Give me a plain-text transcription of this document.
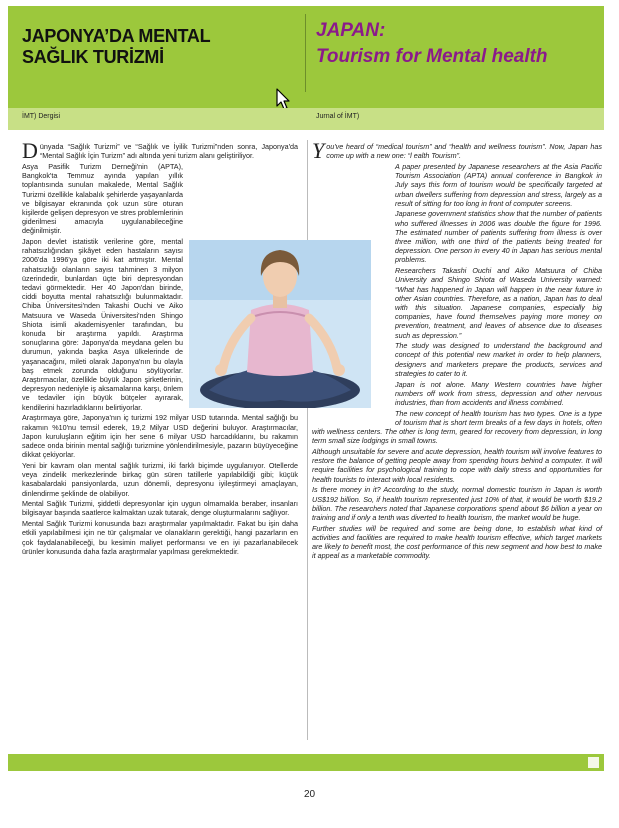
JAPONYA’DA MENTAL
SAĞLIK TURİZMİ
JAPAN:
Tourism for Mental health
İMT) Dergisi	Jurnal of İMT)

Dünyada “Sağlık Turizmi” ve “Sağlık ve İyilik Turizmi”nden sonra, Japonya'da “Mental Sağlık İçin Turizm” adı altında yeni turizm alanı geliştiriliyor.

Asya Pasifik Turizm Derneği'nin (APTA), Bangkok'ta Temmuz ayında yapılan yıllık toplantısında sunulan makalede, Mental Sağlık Turizmi özellikle kalabalık şehirlerde yaşayanlarda ve bilgisayar ekranında çok uzun süre oturan kişilerde gelişen depresyon ve stres problemlerinin giderilmesi amacıyla uygulanabileceğine değinilmiştir.

Japon devlet istatistik verilerine göre, mental rahatsızlığından şikâyet eden hastaların sayısı 2006'da 1996'ya göre iki kat artmıştır. Mental rahatsızlığı olanların sayısı tahminen 3 milyon üzerindedir, bunlardan üçte biri depresyondan tedavi görmektedir. Her 40 Japon'dan birinde, ciddi boyutta mental rahatsızlığı bulunmaktadır. Chiba Üniversitesi'nden Takashi Ouchi ve Aiko Matsuura ve Waseda Üniversitesi'nden Shingo Shiota isimli akademisyenler tarafından, bu konuda bir araştırma yapıldı. Araştırma sonuçlarına göre: Japonya'da meydana gelen bu durumun, yakında başka Asya ülkelerinde de yaşanacağını, mileti olarak Japonya'nın bu olayla baş etmek zorunda olduğunu söylüyorlar. Araştırmacılar, özellikle büyük Japon şirketlerinin, depresyon nedeniyle iş aksamalarına karşı, önlem ve tedaviler için büyük bütçeler ayırarak, kendilerini hazırladıklarını belirtiyorlar.

Araştırmaya göre, Japonya'nın iç turizmi 192 milyar USD tutarında. Mental sağlığı bu rakamın %10'nu temsil ederek, 19,2 Milyar USD değerini buluyor. Araştırmacılar, Japon kuruluşların eğitim için her sene 6 milyar USD harcadıklarını, bu rakamın sadece onda birinin mental sağlığı turizmine yönlendirilmesiyle, pazarın büyüyeceğine dikkat çekiyorlar.

Yeni bir kavram olan mental sağlık turizmi, iki farklı biçimde uygulanıyor. Otellerde veya zindelik merkezlerinde birkaç gün süren tatillerle yapılabildiği gibi; küçük kasabalardaki pansiyonlarda, uzun dönemli, depresyonu iyileştirmeyi amaçlayan, dinlendirme şeklinde de olabiliyor.

Mental Sağlık Turizmi, şiddetli depresyonlar için uygun olmamakla beraber, insanları bilgisayar başında saatlerce kalmaktan uzak tutarak, denge oluşturmalarını sağlıyor.

Mental Sağlık Turizmi konusunda bazı araştırmalar yapılmaktadır. Fakat bu işin daha etkili yapılabilmesi için ne tür çalışmalar ve olanakların gerektiği, hangi pazarların en çok faydalanabileceği, bu kesimin maliyet performansı ve en iyi pazarlanabilecek ürünler konusunda daha fazla araştırmalar yapılması gerekmektedir.

You've heard of “medical tourism” and “health and wellness tourism”. Now, Japan has come up with a new one: “l ealth Tourism”.

A paper presented by Japanese researchers at the Asia Pacific Tourism Association (APTA) annual conference in Bangkok in July says this form of tourism would be specifically targeted at urban dwellers suffering from depression and stress, largely as a result of sitting for too long in front of computer screens.

Japanese government statistics show that the number of patients who suffered illnesses in 2006 was double the figure for 1996. The estimated number of patients suffering from illness is over three million, with one third of the patients being treated for depression. One person in every 40 in Japan has serious mental problems.

Researchers Takashi Ouchi and Aiko Matsuura of Chiba University and Shingo Shiota of Waseda University warned: “What has happened in Japan will happen in the near future in other Asian countries. Therefore, as a nation, Japan has to deal with this situation. Japanese companies, especially big companies, have found themselves paying more money on prevention, treatment, and leaves of absence due to diseases such as depression.”

The study was designed to understand the background and concept of this potential new market in order to help planners, designers and marketers prepare the products, services and strategies to cater to it.

Japan is not alone. Many Western countries have higher numbers off work from stress, depression and other nervous industries, than from accidents and illness combined.

The new concept of health tourism has two types. One is a type of tourism that is short term breaks of a few days in hotels, often with wellness centers. The other is long term, geared for recovery from depression, in long term small size lodgings in small towns.

Although unsuitable for severe and acute depression, health tourism will involve features to restore the balance of getting people away from spending hours behind a computer. It will require facilities for psychological training to cope with daily stress and opportunities for health tourists to interact with local residents.

Is there money in it? According to the study, normal domestic tourism in Japan is worth US$192 billion. So, if health tourism represented just 10% of that, it would be worth $19.2 billion. The researchers noted that Japanese corporations spend about $6 billion a year on training and if only a tenth was diverted to health tourism, the market would be huge.

Further studies will be required and some are being done, to establish what kind of activities and facilities are required to make health tourism effective, which target markets are likely to benefit most, the cost performance of this new segment and how best to make it appeal as a marketable commodity.

20
